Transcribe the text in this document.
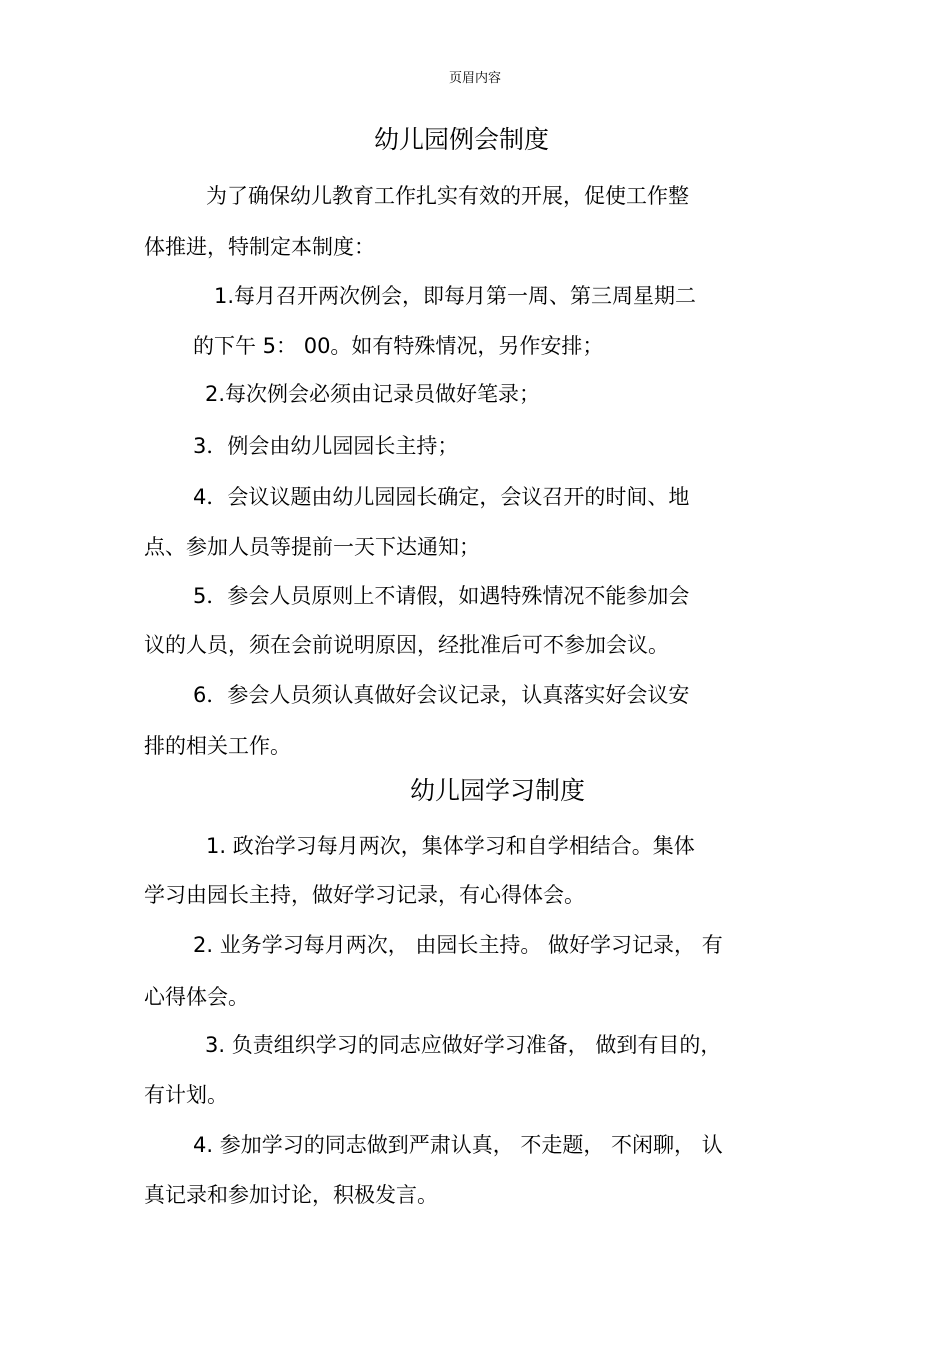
页眉内容
幼儿园例会制度
为了确保幼儿教育工作扎实有效的开展，促使工作整
体推进，特制定本制度：
1.每月召开两次例会，即每月第一周、第三周星期二
的下午 5： 00。如有特殊情况，另作安排；
2.每次例会必须由记录员做好笔录；
3．例会由幼儿园园长主持；
4．会议议题由幼儿园园长确定，会议召开的时间、地
点、参加人员等提前一天下达通知；
5．参会人员原则上不请假，如遇特殊情况不能参加会
议的人员，须在会前说明原因，经批准后可不参加会议。
6．参会人员须认真做好会议记录，认真落实好会议安
排的相关工作。
幼儿园学习制度
1. 政治学习每月两次，集体学习和自学相结合。集体
学习由园长主持，做好学习记录，有心得体会。
2. 业务学习每月两次， 由园长主持。 做好学习记录， 有
心得体会。
3. 负责组织学习的同志应做好学习准备， 做到有目的，
有计划。
4. 参加学习的同志做到严肃认真， 不走题， 不闲聊， 认
真记录和参加讨论，积极发言。
